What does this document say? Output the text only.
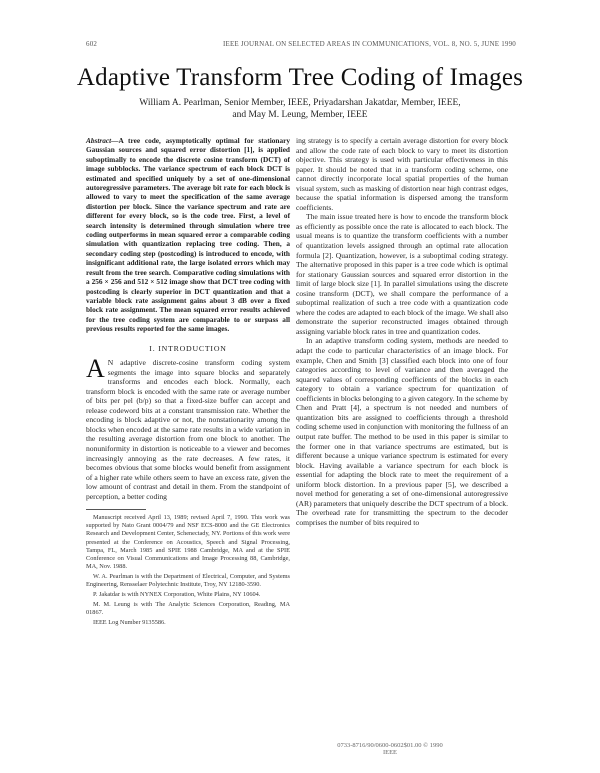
602	IEEE JOURNAL ON SELECTED AREAS IN COMMUNICATIONS, VOL. 8, NO. 5, JUNE 1990
Adaptive Transform Tree Coding of Images
William A. Pearlman, Senior Member, IEEE, Priyadarshan Jakatdar, Member, IEEE,
and May M. Leung, Member, IEEE
Abstract—A tree code, asymptotically optimal for stationary Gaussian sources and squared error distortion [1], is applied suboptimally to encode the discrete cosine transform (DCT) of image subblocks. The variance spectrum of each block DCT is estimated and specified uniquely by a set of one-dimensional autoregressive parameters. The average bit rate for each block is allowed to vary to meet the specification of the same average distortion per block. Since the variance spectrum and rate are different for every block, so is the code tree. First, a level of search intensity is determined through simulation where tree coding outperforms in mean squared error a comparable coding simulation with quantization replacing tree coding. Then, a secondary coding step (postcoding) is introduced to encode, with insignificant additional rate, the large isolated errors which may result from the tree search. Comparative coding simulations with a 256 × 256 and 512 × 512 image show that DCT tree coding with postcoding is clearly superior in DCT quantization and that a variable block rate assignment gains about 3 dB over a fixed block rate assignment. The mean squared error results achieved for the tree coding system are comparable to or surpass all previous results reported for the same images.
I. INTRODUCTION
A N adaptive discrete-cosine transform coding system segments the image into square blocks and separately transforms and encodes each block. Normally, each transform block is encoded with the same rate or average number of bits per pel (b/p) so that a fixed-size buffer can accept and release codeword bits at a constant transmission rate. Whether the encoding is block adaptive or not, the nonstationarity among the blocks when encoded at the same rate results in a wide variation in the resulting average distortion from one block to another. The nonuniformity in distortion is noticeable to a viewer and becomes increasingly annoying as the rate decreases. A few rates, it becomes obvious that some blocks would benefit from assignment of a higher rate while others seem to have an excess rate, given the low amount of contrast and detail in them. From the standpoint of perception, a better coding

Manuscript received April 13, 1989; revised April 7, 1990. This work was supported by Nato Grant 0004/79 and NSF ECS-8000 and the GE Electronics Research and Development Center, Schenectady, NY. Portions of this work were presented at the Conference on Acoustics, Speech and Signal Processing, Tampa, FL, March 1985 and SPIE 1988 Cambridge, MA and at the SPIE Conference on Visual Communications and Image Processing 88, Cambridge, MA, Nov. 1988.

W. A. Pearlman is with the Department of Electrical, Computer, and Systems Engineering, Rensselaer Polytechnic Institute, Troy, NY 12180-3590.

P. Jakatdar is with NYNEX Corporation, White Plains, NY 10604.

M. M. Leung is with The Analytic Sciences Corporation, Reading, MA 01867.

IEEE Log Number 9135586.

ing strategy is to specify a certain average distortion for every block and allow the code rate of each block to vary to meet its distortion objective. This strategy is used with particular effectiveness in this paper. It should be noted that in a transform coding scheme, one cannot directly incorporate local spatial properties of the human visual system, such as masking of distortion near high contrast edges, because the spatial information is dispersed among the transform coefficients.
The main issue treated here is how to encode the transform block as efficiently as possible once the rate is allocated to each block. The usual means is to quantize the transform coefficients with a number of quantization levels assigned through an optimal rate allocation formula [2]. Quantization, however, is a suboptimal coding strategy. The alternative proposed in this paper is a tree code which is optimal for stationary Gaussian sources and squared error distortion in the limit of large block size [1]. In parallel simulations using the discrete cosine transform (DCT), we shall compare the performance of a suboptimal realization of such a tree code with a quantization code where the codes are adapted to each block of the image. We shall also demonstrate the superior reconstructed images obtained through assigning variable block rates in tree and quantization codes.
In an adaptive transform coding system, methods are needed to adapt the code to particular characteristics of an image block. For example, Chen and Smith [3] classified each block into one of four categories according to level of variance and then averaged the squared values of corresponding coefficients of the blocks in each category to obtain a variance spectrum for quantization of coefficients in blocks belonging to a given category. In the scheme by Chen and Pratt [4], a spectrum is not needed and numbers of quantization bits are assigned to coefficients through a threshold coding scheme used in conjunction with monitoring the fullness of an output rate buffer. The method to be used in this paper is similar to the former one in that variance spectrums are estimated, but is different because a unique variance spectrum is estimated for every block. Having available a variance spectrum for each block is essential for adapting the block rate to meet the requirement of a uniform block distortion. In a previous paper [5], we described a novel method for generating a set of one-dimensional autoregressive (AR) parameters that uniquely describe the DCT spectrum of a block. The overhead rate for transmitting the spectrum to the decoder comprises the number of bits required to
0733-8716/90/0600-0602$01.00 © 1990 IEEE
